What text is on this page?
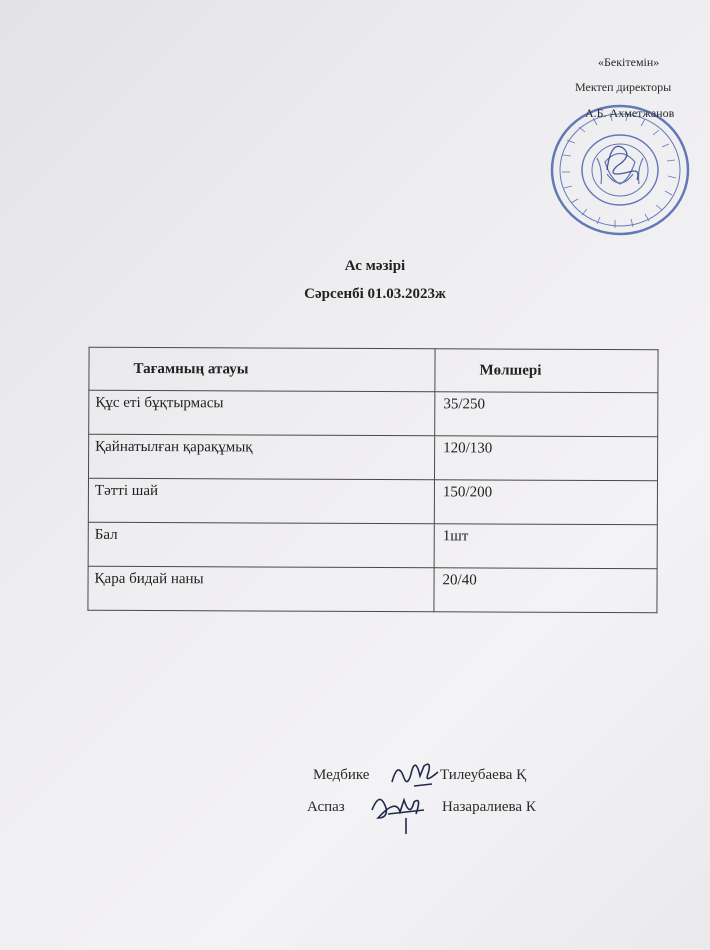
«Бекітемін»
Мектеп директоры
А.Б. Ахметжанов
Ас мәзірі
Сәрсенбі 01.03.2023ж
Тағамның атауы	Мөлшері
Құс еті бұқтырмасы	35/250
Қайнатылған қарақұмық	120/130
Тәтті шай	150/200
Бал	1шт
Қара бидай наны	20/40
Медбике	Тилеубаева Қ
Аспаз	Назаралиева К
